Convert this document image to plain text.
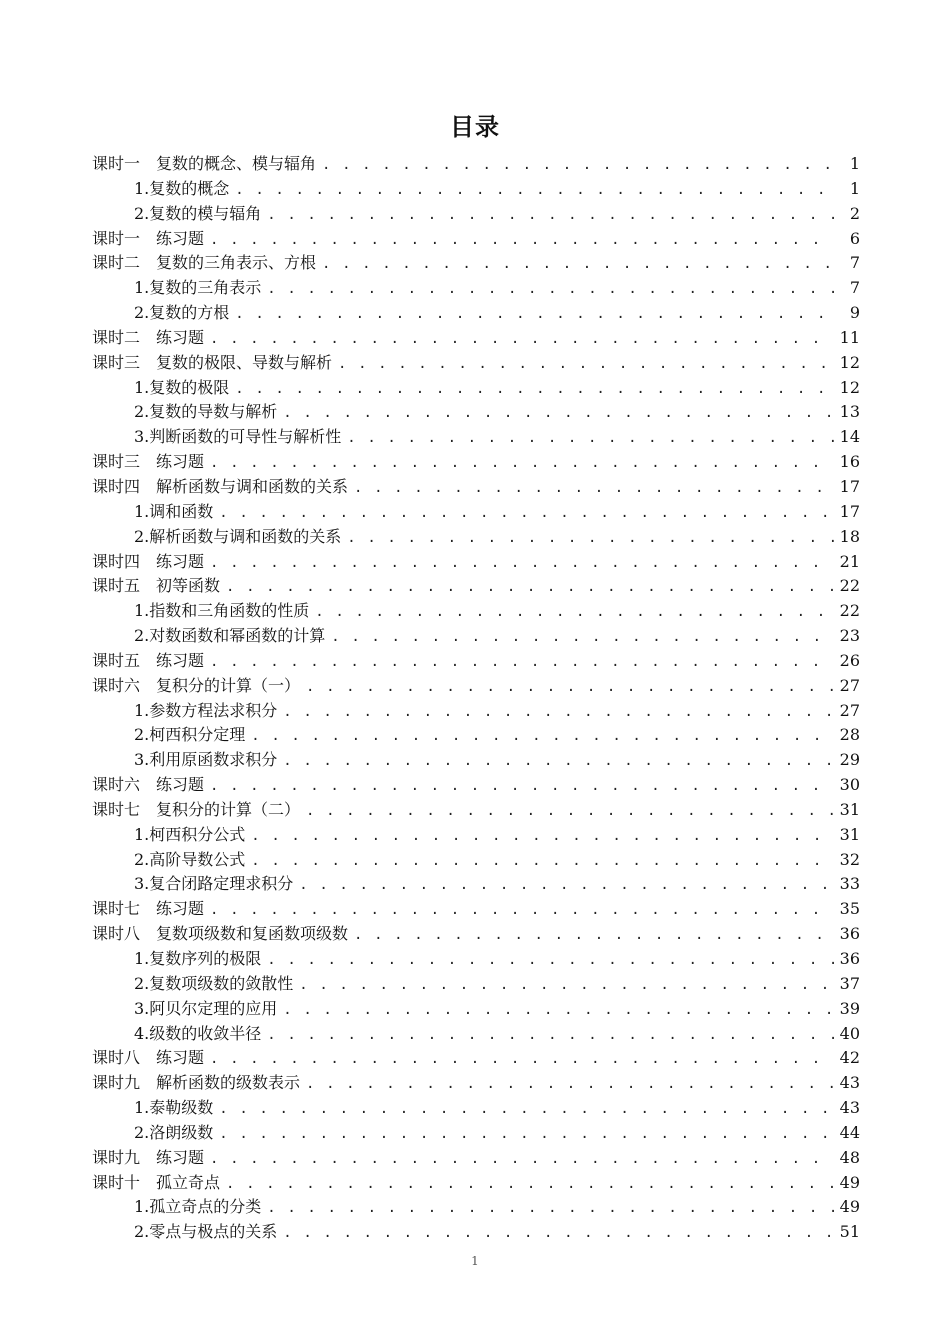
目录
课时一　复数的概念、模与辐角 . . .	1
1.复数的概念 . . .	1
2.复数的模与辐角 . . .	2
课时一　练习题 . . .	6
课时二　复数的三角表示、方根 . . .	7
1.复数的三角表示 . . .	7
2.复数的方根 . . .	9
课时二　练习题 . . .	11
课时三　复数的极限、导数与解析 . . .	12
1.复数的极限 . . .	12
2.复数的导数与解析 . . .	13
3.判断函数的可导性与解析性 . . .	14
课时三　练习题 . . .	16
课时四　解析函数与调和函数的关系 . . .	17
1.调和函数 . . .	17
2.解析函数与调和函数的关系 . . .	18
课时四　练习题 . . .	21
课时五　初等函数 . . .	22
1.指数和三角函数的性质 . . .	22
2.对数函数和幂函数的计算 . . .	23
课时五　练习题 . . .	26
课时六　复积分的计算（一） . . .	27
1.参数方程法求积分 . . .	27
2.柯西积分定理 . . .	28
3.利用原函数求积分 . . .	29
课时六　练习题 . . .	30
课时七　复积分的计算（二） . . .	31
1.柯西积分公式 . . .	31
2.高阶导数公式 . . .	32
3.复合闭路定理求积分 . . .	33
课时七　练习题 . . .	35
课时八　复数项级数和复函数项级数 . . .	36
1.复数序列的极限 . . .	36
2.复数项级数的敛散性 . . .	37
3.阿贝尔定理的应用 . . .	39
4.级数的收敛半径 . . .	40
课时八　练习题 . . .	42
课时九　解析函数的级数表示 . . .	43
1.泰勒级数 . . .	43
2.洛朗级数 . . .	44
课时九　练习题 . . .	48
课时十　孤立奇点 . . .	49
1.孤立奇点的分类 . . .	49
2.零点与极点的关系 . . .	51
1
